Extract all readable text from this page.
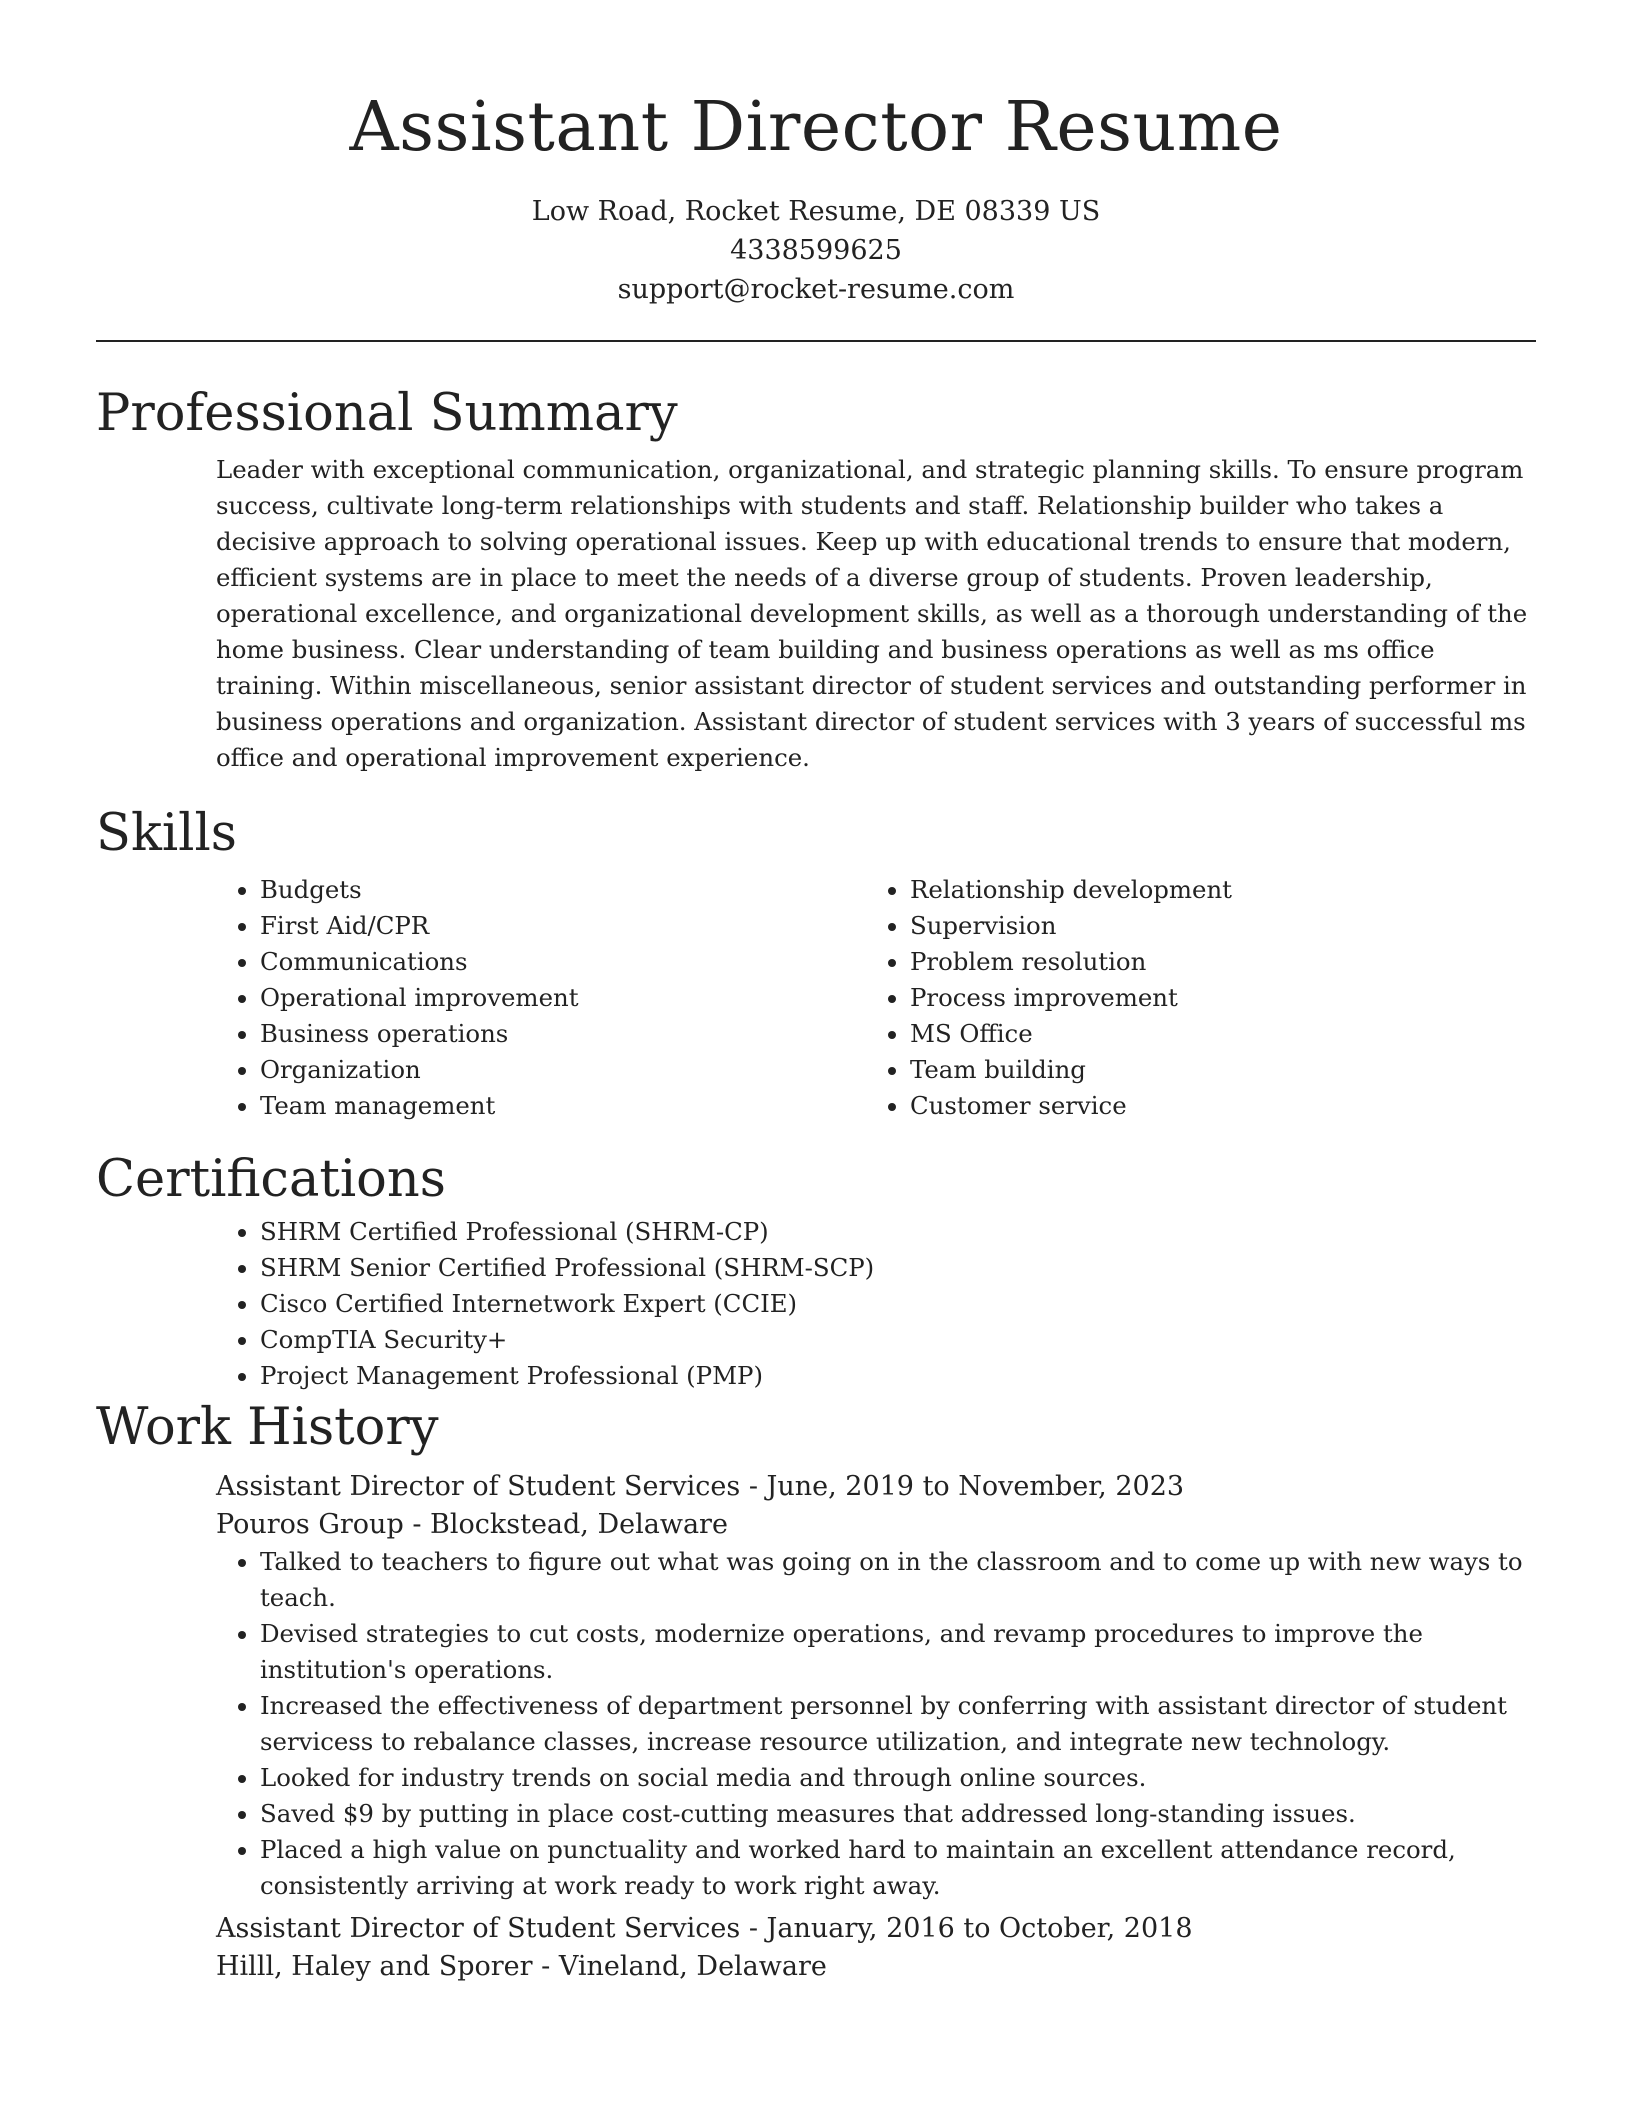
Assistant Director Resume
Low Road, Rocket Resume, DE 08339 US
4338599625
support@rocket-resume.com
Professional Summary

Leader with exceptional communication, organizational, and strategic planning skills. To ensure program success, cultivate long-term relationships with students and staff. Relationship builder who takes a decisive approach to solving operational issues. Keep up with educational trends to ensure that modern, efficient systems are in place to meet the needs of a diverse group of students. Proven leadership, operational excellence, and organizational development skills, as well as a thorough understanding of the home business. Clear understanding of team building and business operations as well as ms office training. Within miscellaneous, senior assistant director of student services and outstanding performer in business operations and organization. Assistant director of student services with 3 years of successful ms office and operational improvement experience.

Skills
• Budgets
• First Aid/CPR
• Communications
• Operational improvement
• Business operations
• Organization
• Team management
• Relationship development
• Supervision
• Problem resolution
• Process improvement
• MS Office
• Team building
• Customer service
Certifications
• SHRM Certified Professional (SHRM-CP)
• SHRM Senior Certified Professional (SHRM-SCP)
• Cisco Certified Internetwork Expert (CCIE)
• CompTIA Security+
• Project Management Professional (PMP)
Work History
Assistant Director of Student Services - June, 2019 to November, 2023
Pouros Group - Blockstead, Delaware
• Talked to teachers to figure out what was going on in the classroom and to come up with new ways to teach.
• Devised strategies to cut costs, modernize operations, and revamp procedures to improve the institution's operations.
• Increased the effectiveness of department personnel by conferring with assistant director of student servicess to rebalance classes, increase resource utilization, and integrate new technology.
• Looked for industry trends on social media and through online sources.
• Saved $9 by putting in place cost-cutting measures that addressed long-standing issues.
• Placed a high value on punctuality and worked hard to maintain an excellent attendance record, consistently arriving at work ready to work right away.
Assistant Director of Student Services - January, 2016 to October, 2018
Hilll, Haley and Sporer - Vineland, Delaware
